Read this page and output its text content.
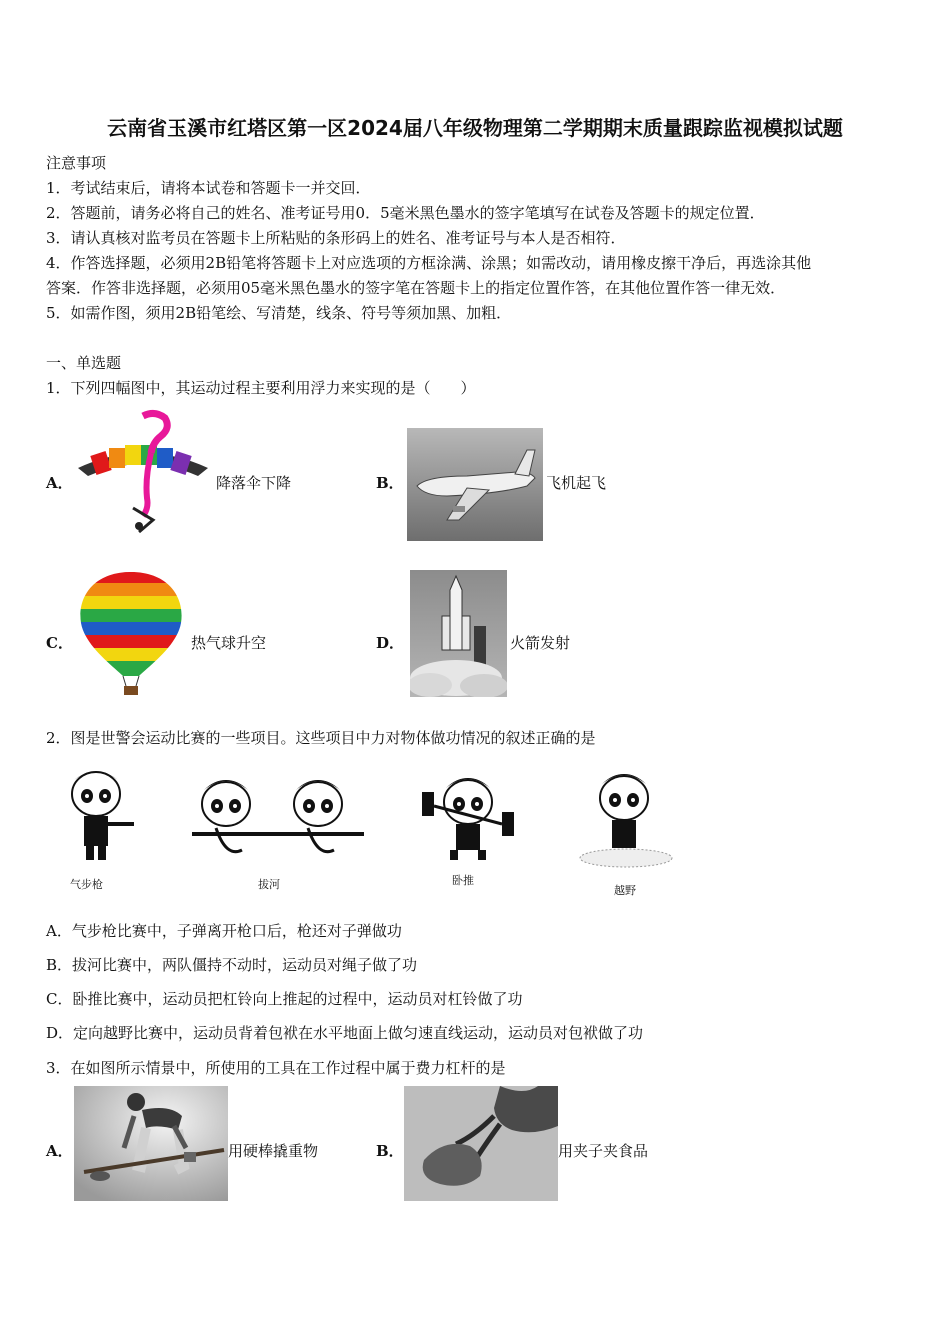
云南省玉溪市红塔区第一区2024届八年级物理第二学期期末质量跟踪监视模拟试题
注意事项
1．考试结束后，请将本试卷和答题卡一并交回．
2．答题前，请务必将自己的姓名、准考证号用0．5毫米黑色墨水的签字笔填写在试卷及答题卡的规定位置．
3．请认真核对监考员在答题卡上所粘贴的条形码上的姓名、准考证号与本人是否相符．
4．作答选择题，必须用2B铅笔将答题卡上对应选项的方框涂满、涂黑；如需改动，请用橡皮擦干净后，再选涂其他
答案．作答非选择题，必须用05毫米黑色墨水的签字笔在答题卡上的指定位置作答，在其他位置作答一律无效．
5．如需作图，须用2B铅笔绘、写清楚，线条、符号等须加黑、加粗．
一、单选题
1．下列四幅图中，其运动过程主要利用浮力来实现的是（　　）
A．	降落伞下降	B．	飞机起飞
C．	热气球升空	D．	火箭发射
2．图是世警会运动比赛的一些项目。这些项目中力对物体做功情况的叙述正确的是
气步枪	拔河	卧推
越野
A．气步枪比赛中，子弹离开枪口后，枪还对子弹做功
B．拔河比赛中，两队僵持不动时，运动员对绳子做了功
C．卧推比赛中，运动员把杠铃向上推起的过程中，运动员对杠铃做了功
D．定向越野比赛中，运动员背着包袱在水平地面上做匀速直线运动，运动员对包袱做了功
3．在如图所示情景中，所使用的工具在工作过程中属于费力杠杆的是
A．	用硬棒撬重物	B．	用夹子夹食品
